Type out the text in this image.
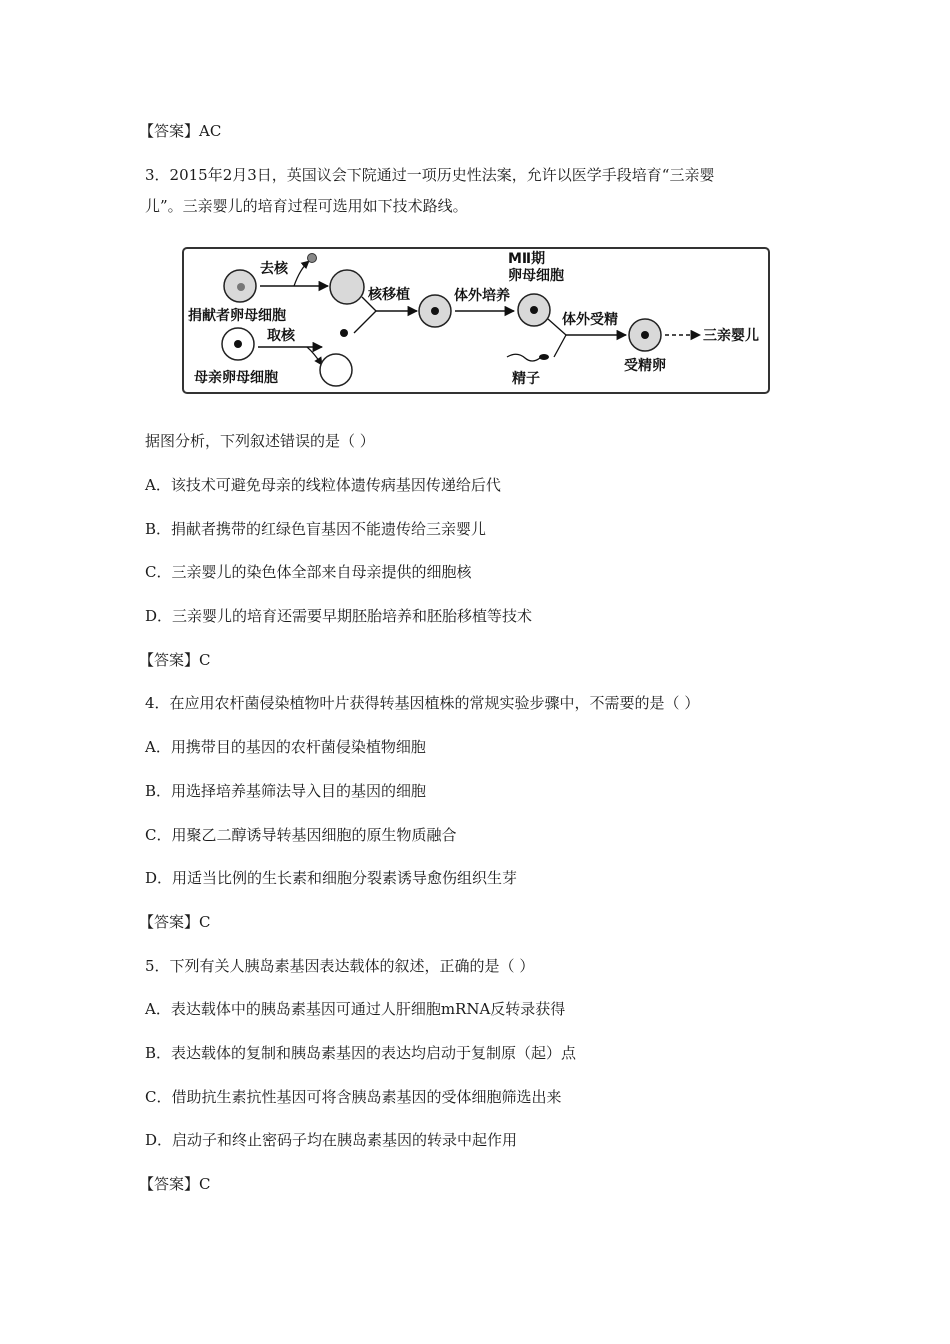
【答案】AC
3．2015年2月3日，英国议会下院通过一项历史性法案，允许以医学手段培育“三亲婴
儿”。三亲婴儿的培育过程可选用如下技术路线。
捐献者卵母细胞
去核
母亲卵母细胞
取核
核移植	体外培养
MⅡ期
卵母细胞
体外受精
精子
受精卵
三亲婴儿
据图分析，下列叙述错误的是（ ）
A．该技术可避免母亲的线粒体遗传病基因传递给后代
B．捐献者携带的红绿色盲基因不能遗传给三亲婴儿
C．三亲婴儿的染色体全部来自母亲提供的细胞核
D．三亲婴儿的培育还需要早期胚胎培养和胚胎移植等技术
【答案】C
4．在应用农杆菌侵染植物叶片获得转基因植株的常规实验步骤中，不需要的是（ ）
A．用携带目的基因的农杆菌侵染植物细胞
B．用选择培养基筛法导入目的基因的细胞
C．用聚乙二醇诱导转基因细胞的原生物质融合
D．用适当比例的生长素和细胞分裂素诱导愈伤组织生芽
【答案】C
5．下列有关人胰岛素基因表达载体的叙述，正确的是（ ）
A．表达载体中的胰岛素基因可通过人肝细胞mRNA反转录获得
B．表达载体的复制和胰岛素基因的表达均启动于复制原（起）点
C．借助抗生素抗性基因可将含胰岛素基因的受体细胞筛选出来
D．启动子和终止密码子均在胰岛素基因的转录中起作用
【答案】C
